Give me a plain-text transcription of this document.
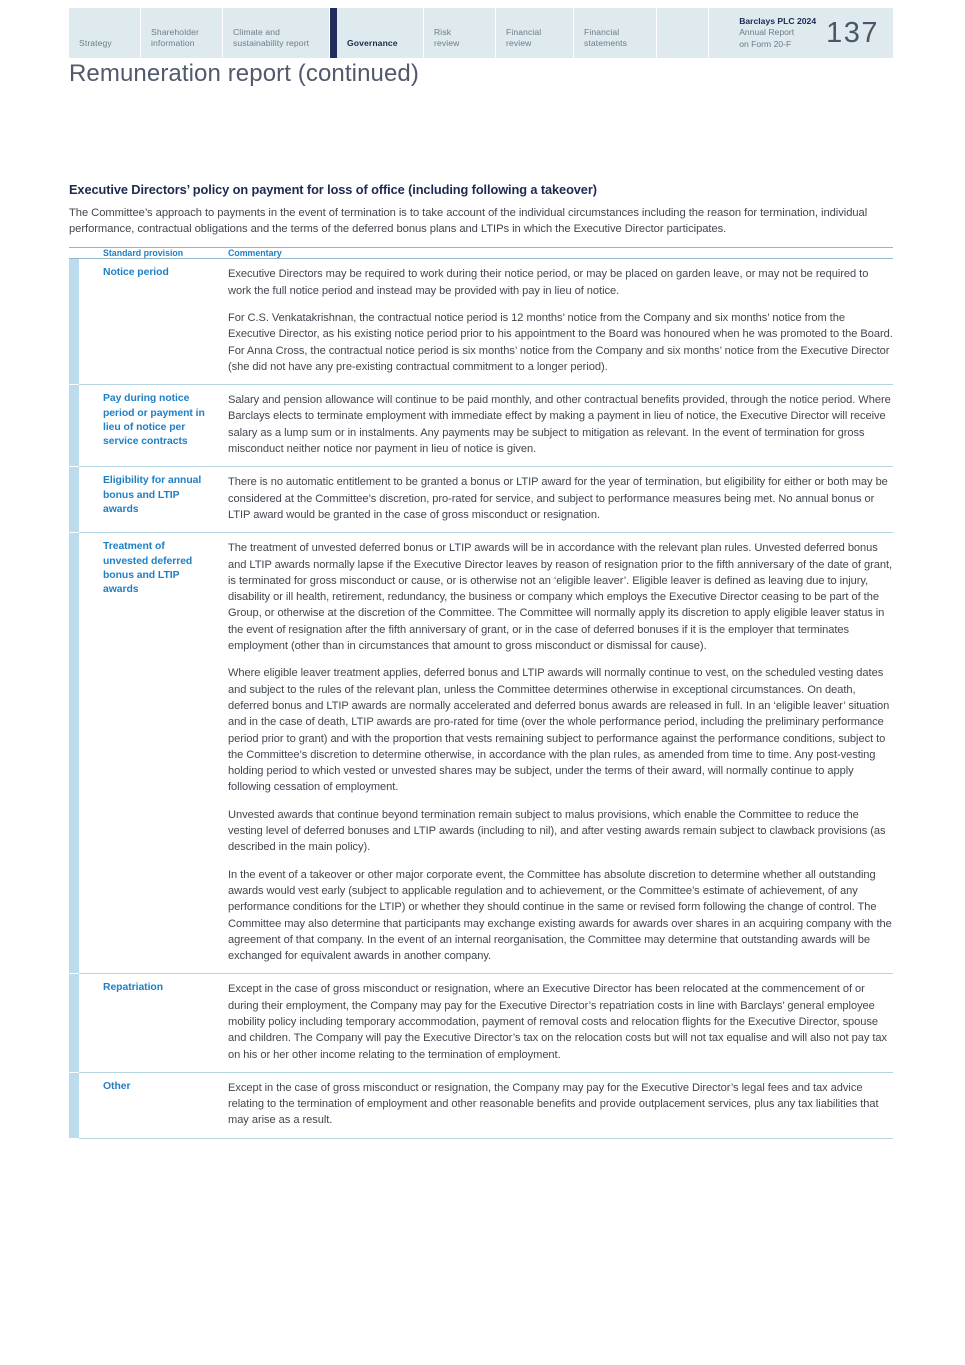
Strategy
Shareholder
information
Climate and
sustainability report	Governance
Risk
review
Financial
review
Financial
statements
Barclays PLC 2024
Annual Report
on Form 20-F	137
Remuneration report (continued)
Executive Directors’ policy on payment for loss of office (including following a takeover)

The Committee’s approach to payments in the event of termination is to take account of the individual circumstances including the reason for termination, individual performance, contractual obligations and the terms of the deferred bonus plans and LTIPs in which the Executive Director participates.

	Standard provision	Commentary
	Notice period	Executive Directors may be required to work during their notice period, or may be placed on garden leave, or may not be required to work the full notice period and instead may be provided with pay in lieu of notice.

For C.S. Venkatakrishnan, the contractual notice period is 12 months’ notice from the Company and six months’ notice from the Executive Director, as his existing notice period prior to his appointment to the Board was honoured when he was promoted to the Board. For Anna Cross, the contractual notice period is six months’ notice from the Company and six months’ notice from the Executive Director (she did not have any pre-existing contractual commitment to a longer period).

	Pay during notice period or payment in lieu of notice per service contracts	Salary and pension allowance will continue to be paid monthly, and other contractual benefits provided, through the notice period. Where Barclays elects to terminate employment with immediate effect by making a payment in lieu of notice, the Executive Director will receive salary as a lump sum or in instalments. Any payments may be subject to mitigation as relevant. In the event of termination for gross misconduct neither notice nor payment in lieu of notice is given.

	Eligibility for annual bonus and LTIP awards	There is no automatic entitlement to be granted a bonus or LTIP award for the year of termination, but eligibility for either or both may be considered at the Committee’s discretion, pro-rated for service, and subject to performance measures being met. No annual bonus or LTIP award would be granted in the case of gross misconduct or resignation.

	Treatment of unvested deferred bonus and LTIP awards	The treatment of unvested deferred bonus or LTIP awards will be in accordance with the relevant plan rules. Unvested deferred bonus and LTIP awards normally lapse if the Executive Director leaves by reason of resignation prior to the fifth anniversary of the date of grant, is terminated for gross misconduct or cause, or is otherwise not an ‘eligible leaver’. Eligible leaver is defined as leaving due to injury, disability or ill health, retirement, redundancy, the business or company which employs the Executive Director ceasing to be part of the Group, or otherwise at the discretion of the Committee. The Committee will normally apply its discretion to apply eligible leaver status in the event of resignation after the fifth anniversary of grant, or in the case of deferred bonuses if it is the employer that terminates employment (other than in circumstances that amount to gross misconduct or dismissal for cause).

Where eligible leaver treatment applies, deferred bonus and LTIP awards will normally continue to vest, on the scheduled vesting dates and subject to the rules of the relevant plan, unless the Committee determines otherwise in exceptional circumstances. On death, deferred bonus and LTIP awards are normally accelerated and deferred bonus awards are released in full. In an ‘eligible leaver’ situation and in the case of death, LTIP awards are pro-rated for time (over the whole performance period, including the preliminary performance period prior to grant) and with the proportion that vests remaining subject to performance against the performance conditions, subject to the Committee’s discretion to determine otherwise, in accordance with the plan rules, as amended from time to time. Any post-vesting holding period to which vested or unvested shares may be subject, under the terms of their award, will normally continue to apply following cessation of employment.

Unvested awards that continue beyond termination remain subject to malus provisions, which enable the Committee to reduce the vesting level of deferred bonuses and LTIP awards (including to nil), and after vesting awards remain subject to clawback provisions (as described in the main policy).

In the event of a takeover or other major corporate event, the Committee has absolute discretion to determine whether all outstanding awards would vest early (subject to applicable regulation and to achievement, or the Committee’s estimate of achievement, of any performance conditions for the LTIP) or whether they should continue in the same or revised form following the change of control. The Committee may also determine that participants may exchange existing awards for awards over shares in an acquiring company with the agreement of that company. In the event of an internal reorganisation, the Committee may determine that outstanding awards will be exchanged for equivalent awards in another company.

	Repatriation	Except in the case of gross misconduct or resignation, where an Executive Director has been relocated at the commencement of or during their employment, the Company may pay for the Executive Director’s repatriation costs in line with Barclays’ general employee mobility policy including temporary accommodation, payment of removal costs and relocation flights for the Executive Director, spouse and children. The Company will pay the Executive Director’s tax on the relocation costs but will not tax equalise and will also not pay tax on his or her other income relating to the termination of employment.

	Other	Except in the case of gross misconduct or resignation, the Company may pay for the Executive Director’s legal fees and tax advice relating to the termination of employment and other reasonable benefits and provide outplacement services, plus any tax liabilities that may arise as a result.
